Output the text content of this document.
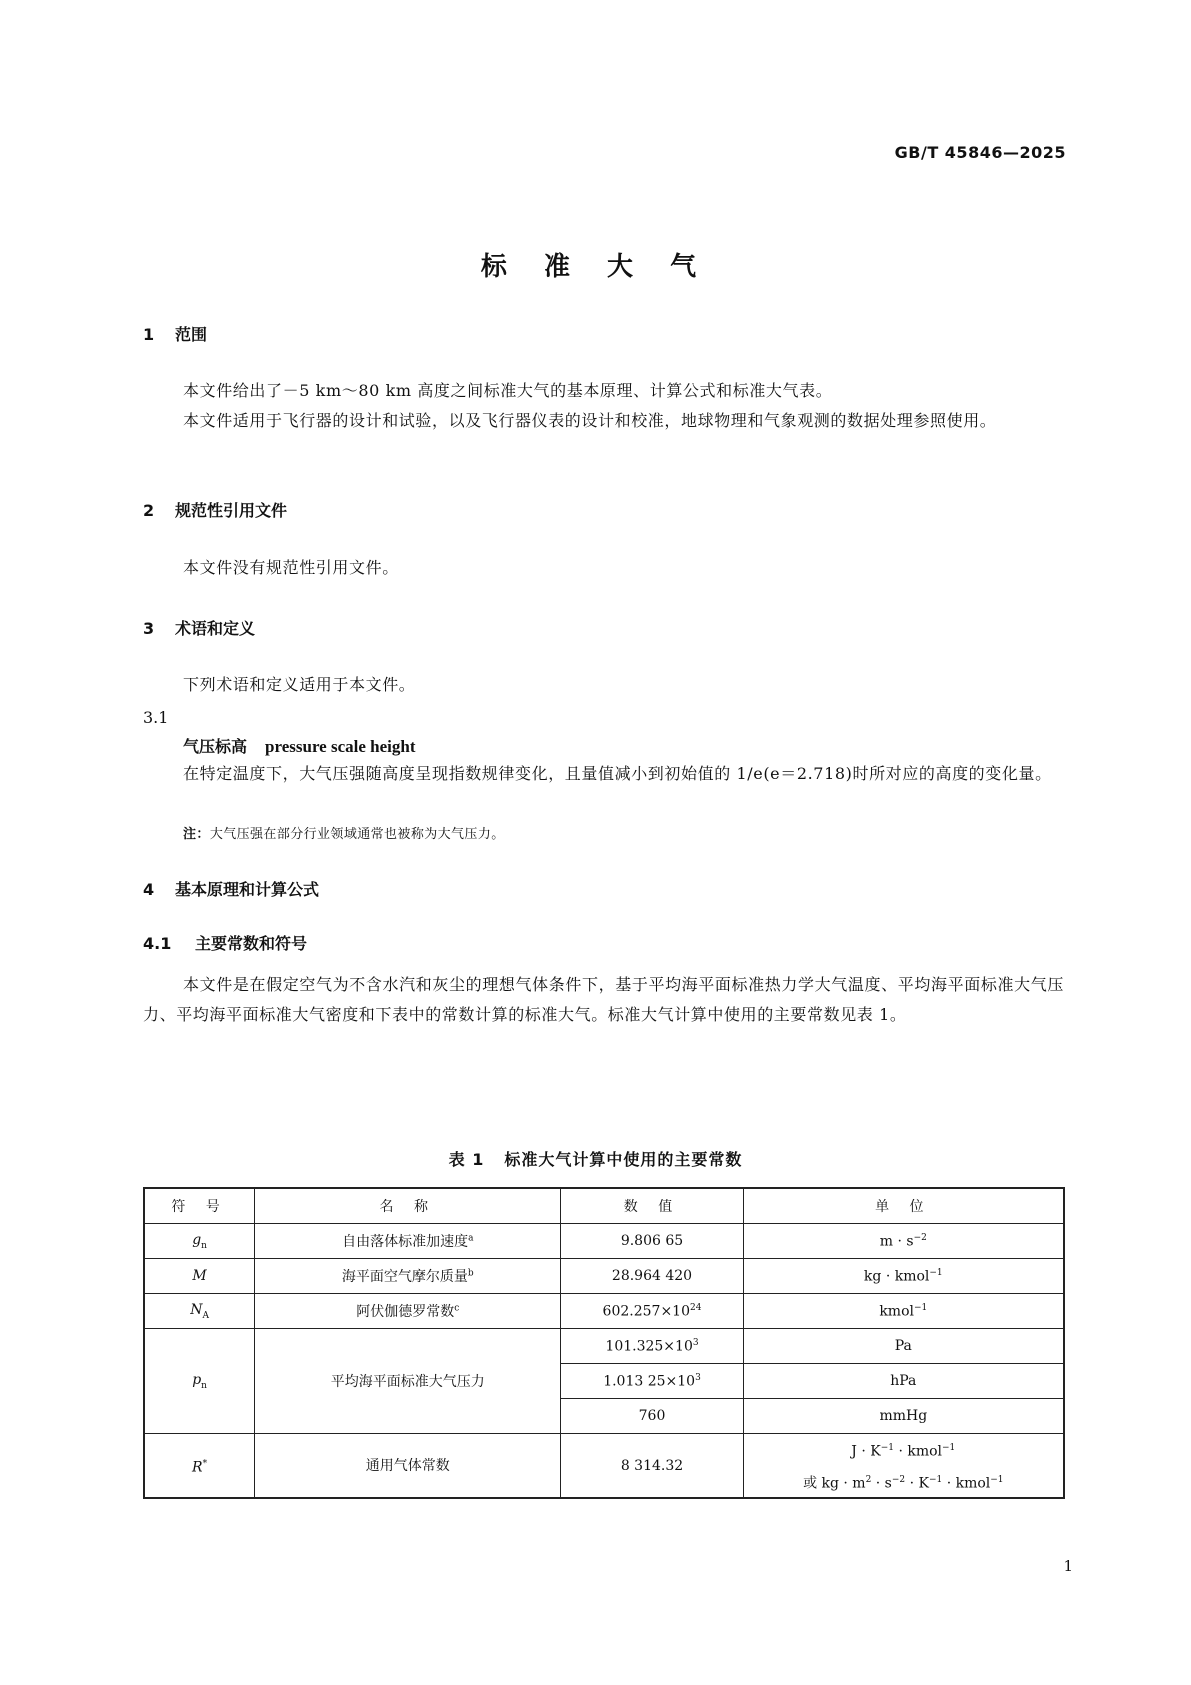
GB/T 45846—2025
标 准 大 气
1 范围
本文件给出了－5 km～80 km 高度之间标准大气的基本原理、计算公式和标准大气表。
本文件适用于飞行器的设计和试验，以及飞行器仪表的设计和校准，地球物理和气象观测的数据处理参照使用。
2 规范性引用文件
本文件没有规范性引用文件。
3 术语和定义
下列术语和定义适用于本文件。
3.1
气压标高 pressure scale height
在特定温度下，大气压强随高度呈现指数规律变化，且量值减小到初始值的 1/e(e＝2.718)时所对应的高度的变化量。
注：大气压强在部分行业领域通常也被称为大气压力。
4 基本原理和计算公式
4.1 主要常数和符号
本文件是在假定空气为不含水汽和灰尘的理想气体条件下，基于平均海平面标准热力学大气温度、平均海平面标准大气压力、平均海平面标准大气密度和下表中的常数计算的标准大气。标准大气计算中使用的主要常数见表 1。
表 1 标准大气计算中使用的主要常数
符 号	名 称	数 值	单 位
$g_n$	自由落体标准加速度$^a$	9.806 65	$m \cdot s^{-2}$
M	海平面空气摩尔质量$^b$	28.964 420	kg · kmol$^{-1}$
$N_A$	阿伏伽德罗常数$^c$	$602.257\times 10^{24}$	kmol$^{-1}$
$p_n$	平均海平面标准大气压力	$101.325\times 10^3$	Pa
		1.013 $25\times 10^3$	hPa
		760	mmHg
R*	通用气体常数	8 314.32	$J \cdot K^{-1}$ · kmol$^{-1}$
或 kg · $m^2 \cdot s^{-2} \cdot K^{-1}$ · kmol$^{-1}$
1
